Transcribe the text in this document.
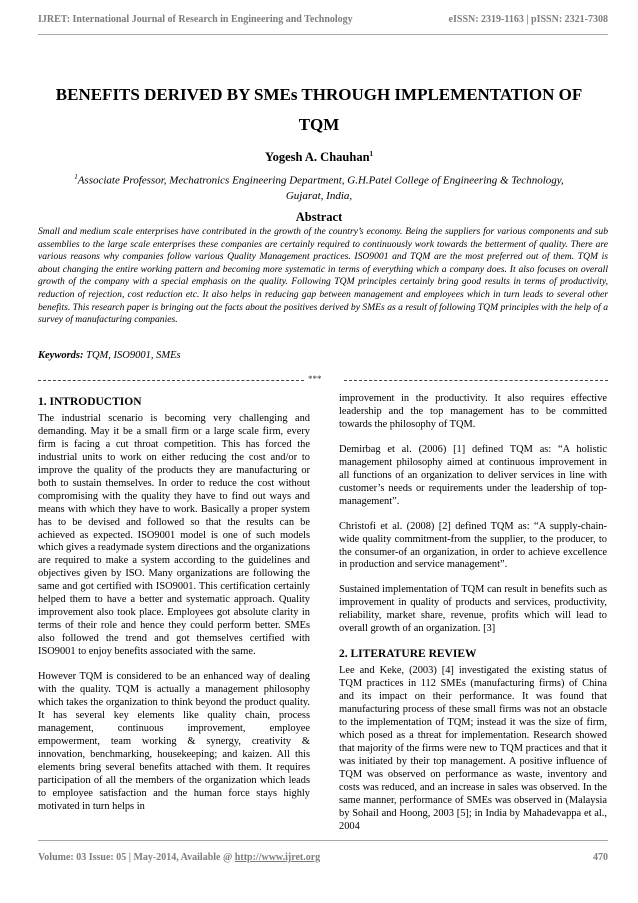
IJRET: International Journal of Research in Engineering and Technology	eISSN: 2319-1163 | pISSN: 2321-7308
BENEFITS DERIVED BY SMEs THROUGH IMPLEMENTATION OF
TQM
Yogesh A. Chauhan$^1$
$^1$Associate Professor, Mechatronics Engineering Department, G.H.Patel College of Engineering & Technology,
Gujarat, India,
Abstract

Small and medium scale enterprises have contributed in the growth of the country’s economy. Being the suppliers for various components and sub assemblies to the large scale enterprises these companies are certainly required to continuously work towards the betterment of quality. There are various reasons why companies follow various Quality Management practices. ISO9001 and TQM are the most preferred out of them. TQM is about changing the entire working pattern and becoming more systematic in terms of everything which a company does. It also focuses on overall growth of the company with a special emphasis on the quality. Following TQM principles certainly bring good results in terms of productivity, reduction of rejection, cost reduction etc. It also helps in reducing gap between management and employees which in turn leads to several other benefits. This research paper is bringing out the facts about the positives derived by SMEs as a result of following TQM principles with the help of a survey of manufacturing companies.

Keywords: TQM, ISO9001, SMEs
***
1. INTRODUCTION

The industrial scenario is becoming very challenging and demanding. May it be a small firm or a large scale firm, every firm is facing a cut throat competition. This has forced the industrial units to work on either reducing the cost and/or to improve the quality of the products they are manufacturing or both to sustain themselves. In order to reduce the cost without compromising with the quality they have to find out ways and means with which they have to work. Basically a proper system has to be devised and followed so that the results can be achieved as expected. ISO9001 model is one of such models which gives a readymade system directions and the organizations are required to make a system according to the guidelines and objectives given by ISO. Many organizations are following the same and got certified with ISO9001. This certification certainly helped them to have a better and systematic approach. Quality improvement also took place. Employees got absolute clarity in terms of their role and hence they could perform better. SMEs also followed the trend and got themselves certified with ISO9001 to enjoy benefits associated with the same.

However TQM is considered to be an enhanced way of dealing with the quality. TQM is actually a management philosophy which takes the organization to think beyond the product quality. It has several key elements like quality chain, process management, continuous improvement, employee empowerment, team working & synergy, creativity & innovation, benchmarking, housekeeping; and kaizen. All this elements bring several benefits attached with them. It requires participation of all the members of the organization which leads to employee satisfaction and the human force stays highly motivated in turn helps in

improvement in the productivity. It also requires effective leadership and the top management has to be committed towards the philosophy of TQM.

Demirbag et al. (2006) [1] defined TQM as: “A holistic management philosophy aimed at continuous improvement in all functions of an organization to deliver services in line with customer’s needs or requirements under the leadership of top-management”.

Christofi et al. (2008) [2] defined TQM as: “A supply-chain-wide quality commitment-from the supplier, to the producer, to the consumer-of an organization, in order to achieve excellence in production and service management”.

Sustained implementation of TQM can result in benefits such as improvement in quality of products and services, productivity, reliability, market share, revenue, profits which will lead to overall growth of an organization. [3]

2. LITERATURE REVIEW

Lee and Keke, (2003) [4] investigated the existing status of TQM practices in 112 SMEs (manufacturing firms) of China and its impact on their performance. It was found that manufacturing process of these small firms was not an obstacle to the implementation of TQM; instead it was the size of firm, which posed as a threat for implementation. Research showed that majority of the firms were new to TQM practices and that it was initiated by their top management. A positive influence of TQM was observed on performance as waste, inventory and costs was reduced, and an increase in sales was observed. In the same manner, performance of SMEs was observed in (Malaysia by Sohail and Hoong, 2003 [5]; in India by Mahadevappa et al., 2004

Volume: 03 Issue: 05 | May-2014, Available @ http://www.ijret.org	470
